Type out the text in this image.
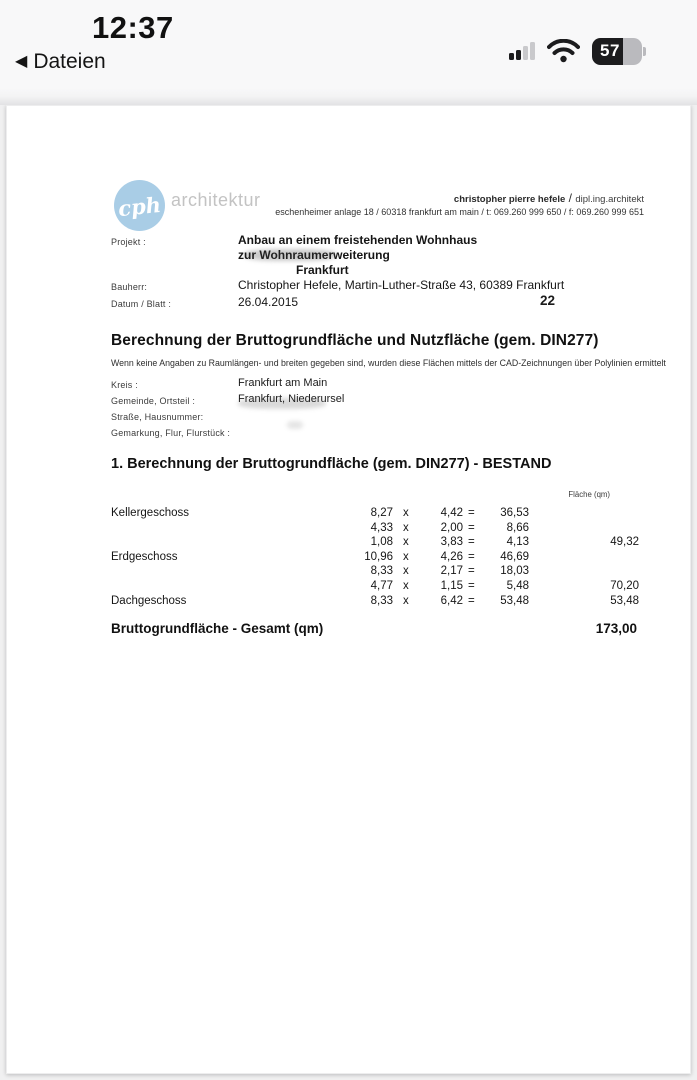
12:37
◀ Dateien	57
cph architektur	christopher pierre hefele / dipl.ing.architekt
eschenheimer anlage 18 / 60318 frankfurt am main / t: 069.260 999 650 / f: 069.260 999 651
Projekt :	Anbau an einem freistehenden Wohnhaus
zur Wohnraumerweiterung
Frankfurt
Bauherr:	Christopher Hefele, Martin-Luther-Straße 43, 60389 Frankfurt
Datum / Blatt :	26.04.2015	22
Berechnung der Bruttogrundfläche und Nutzfläche (gem. DIN277)
Wenn keine Angaben zu Raumlängen- und breiten gegeben sind, wurden diese Flächen mittels der CAD-Zeichnungen über Polylinien ermittelt
Kreis :	Frankfurt am Main
Gemeinde, Ortsteil :	Frankfurt, Niederursel
Straße, Hausnummer:
Gemarkung, Flur, Flurstück :
1. Berechnung der Bruttogrundfläche (gem. DIN277) - BESTAND
Fläche (qm)
Kellergeschoss	8,27 x	4,42 =	36,53
4,33 x	2,00 =	8,66
1,08 x	3,83 =	4,13	49,32
Erdgeschoss	10,96 x	4,26 =	46,69
8,33 x	2,17 =	18,03
4,77 x	1,15 =	5,48	70,20
Dachgeschoss	8,33 x	6,42 =	53,48	53,48
Bruttogrundfläche - Gesamt (qm)	173,00
